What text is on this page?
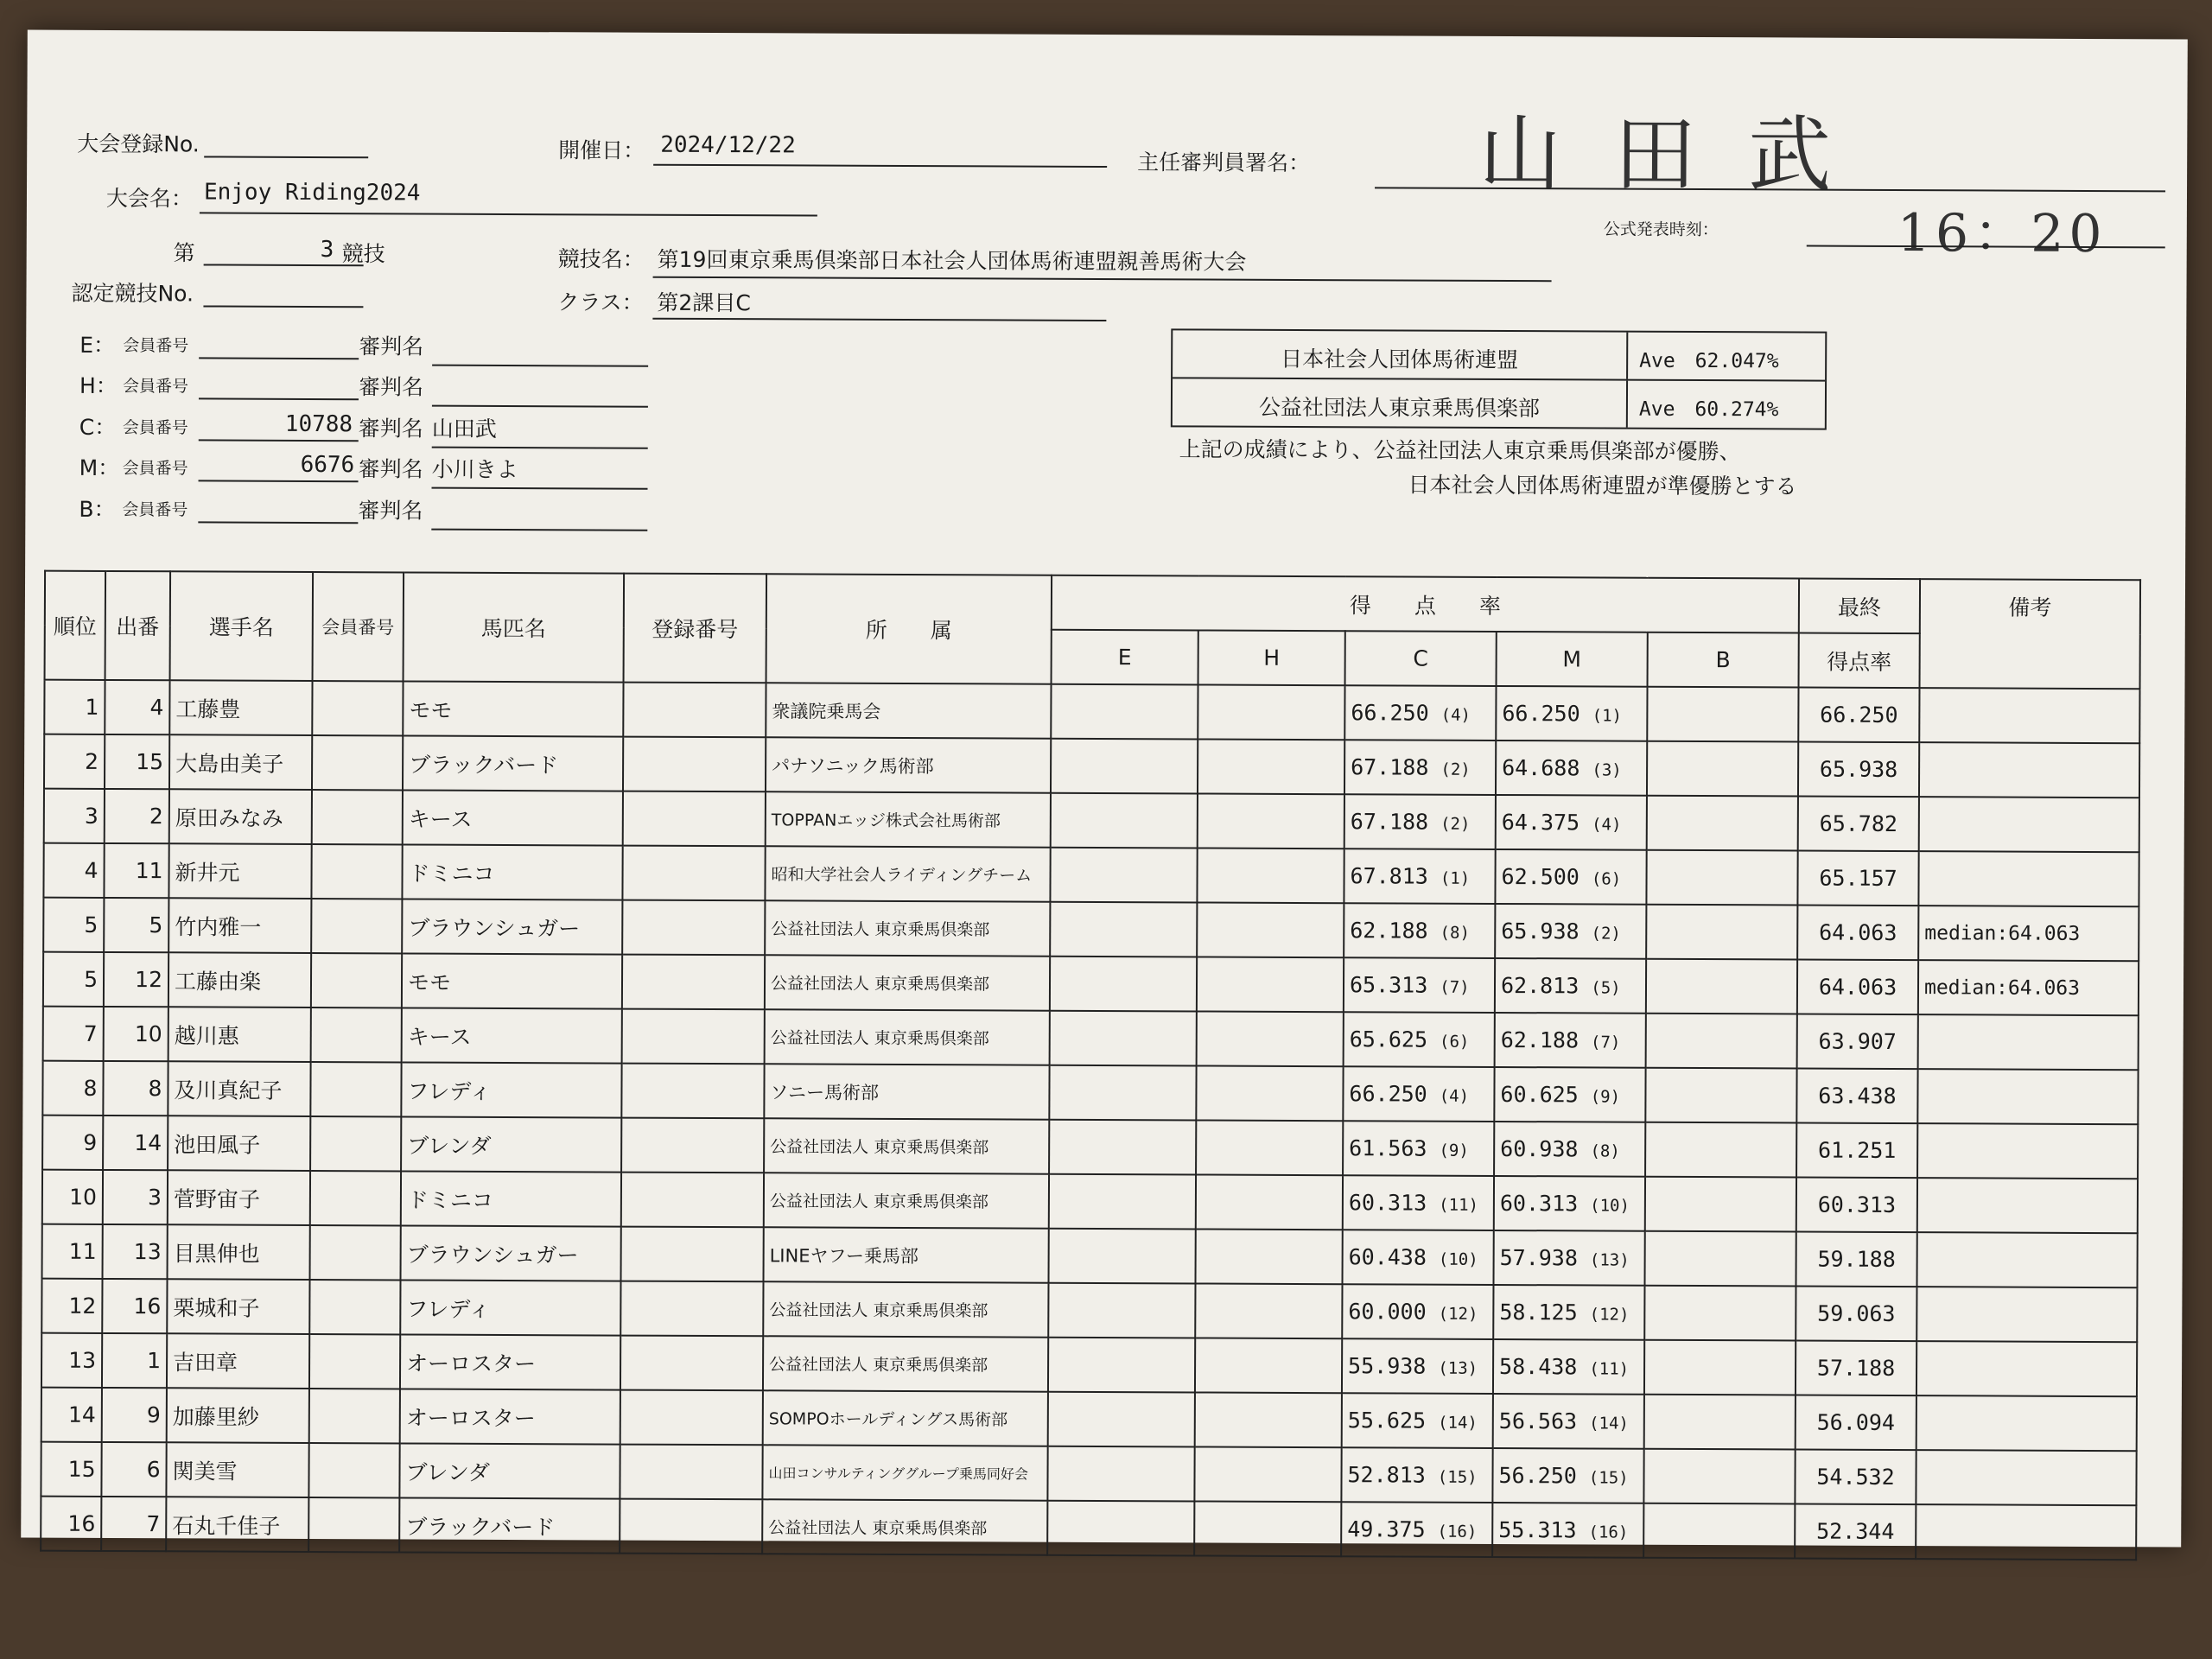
大会登録No.
大会名： Enjoy Riding2024
第	3 競技
認定競技No.
開催日： 2024/12/22
競技名： 第19回東京乗馬倶楽部日本社会人団体馬術連盟親善馬術大会
クラス： 第2課目C
主任審判員署名： 山田武
公式発表時刻：	16：20
E： 会員番号	審判名
H： 会員番号	審判名
C： 会員番号	10788 審判名 山田武
M： 会員番号	6676 審判名 小川きよ
B： 会員番号	審判名
日本社会人団体馬術連盟	Ave　62.047%
公益社団法人東京乗馬倶楽部	Ave　60.274%
上記の成績により、公益社団法人東京乗馬倶楽部が優勝、
日本社会人団体馬術連盟が準優勝とする
順位	出番	選手名	会員番号	馬匹名	登録番号	所　　属	得　　点　　率					最終	備考
							E	H	C	M	B	得点率	
1	4	工藤豊		モモ		衆議院乗馬会			66.250 (4)	66.250 (1)		66.250	
2	15	大島由美子		ブラックバード		パナソニック馬術部			67.188 (2)	64.688 (3)		65.938	
3	2	原田みなみ		キース		TOPPANエッジ株式会社馬術部			67.188 (2)	64.375 (4)		65.782	
4	11	新井元		ドミニコ		昭和大学社会人ライディングチーム			67.813 (1)	62.500 (6)		65.157	
5	5	竹内雅一		ブラウンシュガー		公益社団法人 東京乗馬倶楽部			62.188 (8)	65.938 (2)		64.063	median:64.063
5	12	工藤由楽		モモ		公益社団法人 東京乗馬倶楽部			65.313 (7)	62.813 (5)		64.063	median:64.063
7	10	越川惠		キース		公益社団法人 東京乗馬倶楽部			65.625 (6)	62.188 (7)		63.907	
8	8	及川真紀子		フレディ		ソニー馬術部			66.250 (4)	60.625 (9)		63.438	
9	14	池田風子		ブレンダ		公益社団法人 東京乗馬倶楽部			61.563 (9)	60.938 (8)		61.251	
10	3	菅野宙子		ドミニコ		公益社団法人 東京乗馬倶楽部			60.313 (11)	60.313 (10)		60.313	
11	13	目黒伸也		ブラウンシュガー		LINEヤフー乗馬部			60.438 (10)	57.938 (13)		59.188	
12	16	栗城和子		フレディ		公益社団法人 東京乗馬倶楽部			60.000 (12)	58.125 (12)		59.063	
13	1	吉田章		オーロスター		公益社団法人 東京乗馬倶楽部			55.938 (13)	58.438 (11)		57.188	
14	9	加藤里紗		オーロスター		SOMPOホールディングス馬術部			55.625 (14)	56.563 (14)		56.094	
15	6	関美雪		ブレンダ		山田コンサルティンググループ乗馬同好会			52.813 (15)	56.250 (15)		54.532	
16	7	石丸千佳子		ブラックバード		公益社団法人 東京乗馬倶楽部			49.375 (16)	55.313 (16)		52.344	
